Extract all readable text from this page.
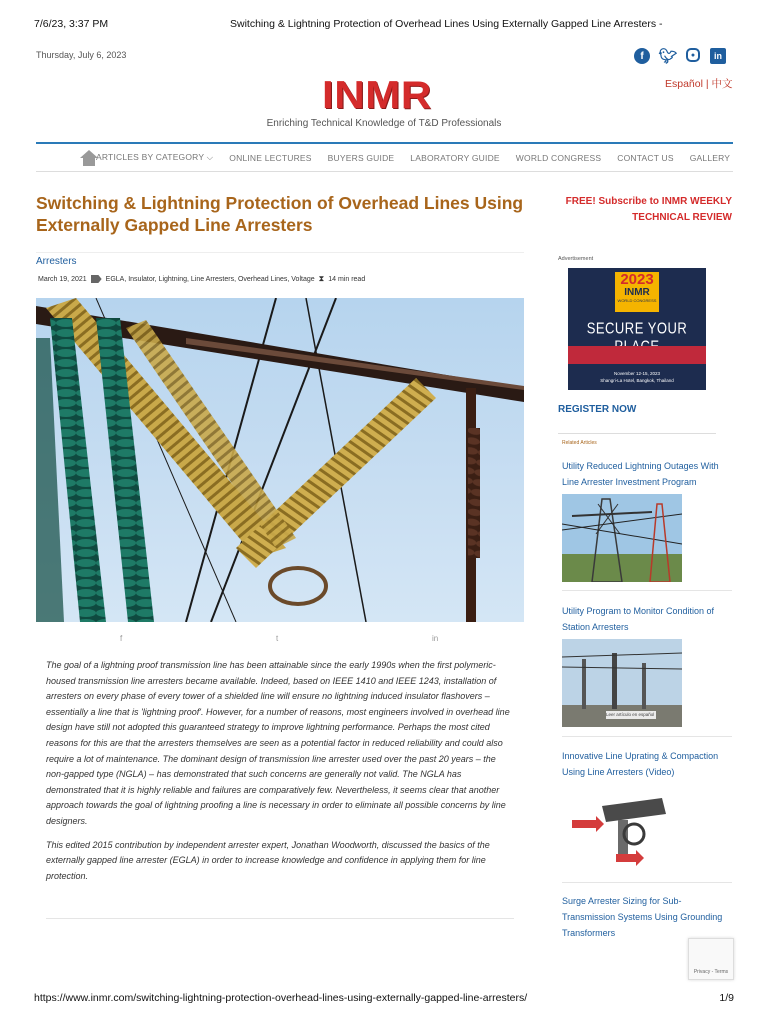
7/6/23, 3:37 PM	Switching & Lightning Protection of Overhead Lines Using Externally Gapped Line Arresters -
Thursday, July 6, 2023	f 🐦︎	●	in
INMR	Español | 中文
Enriching Technical Knowledge of T&D Professionals
ARTICLES BY CATEGORY ⌵ ONLINE LECTURES BUYERS GUIDE LABORATORY GUIDE WORLD CONGRESS CONTACT US GALLERY
Switching & Lightning Protection of Overhead Lines Using Externally Gapped Line Arresters
FREE! Subscribe to INMR WEEKLY TECHNICAL REVIEW
Arresters
March 19, 2021	EGLA, Insulator, Lightning, Line Arresters, Overhead Lines, Voltage ⧗ 14 min read
f	t	in

The goal of a lightning proof transmission line has been attainable since the early 1990s when the first polymeric-housed transmission line arresters became available. Indeed, based on IEEE 1410 and IEEE 1243, installation of arresters on every phase of every tower of a shielded line will ensure no lightning induced insulator flashovers – essentially a line that is 'lightning proof'. However, for a number of reasons, most engineers involved in overhead line design have still not adopted this guaranteed strategy to improve lightning performance. Perhaps the most cited reasons for this are that the arresters themselves are seen as a potential factor in reduced reliability and could also require a lot of maintenance. The dominant design of transmission line arrester used over the past 20 years – the non-gapped type (NGLA) – has demonstrated that such concerns are generally not valid. The NGLA has demonstrated that it is highly reliable and failures are comparatively few. Nevertheless, it seems clear that another approach towards the goal of lightning proofing a line is necessary in order to eliminate all possible concerns by line designers.

This edited 2015 contribution by independent arrester expert, Jonathan Woodworth, discussed the basics of the externally gapped line arrester (EGLA) in order to increase knowledge and confidence in applying them for line protection.

Advertisement
2023
INMR
WORLD CONGRESS
SECURE YOUR
November 12-15, 2023
Shangri-La Hotel, Bangkok, Thailand
REGISTER NOW
Related Articles
Utility Reduced Lightning Outages With Line Arrester Investment Program
Utility Program to Monitor Condition of Station Arresters
Leer artículo en español
Innovative Line Uprating & Compaction Using Line Arresters (Video)
Surge Arrester Sizing for Sub-Transmission Systems Using Grounding Transformers
Privacy - Terms
https://www.inmr.com/switching-lightning-protection-overhead-lines-using-externally-gapped-line-arresters/	1/9
